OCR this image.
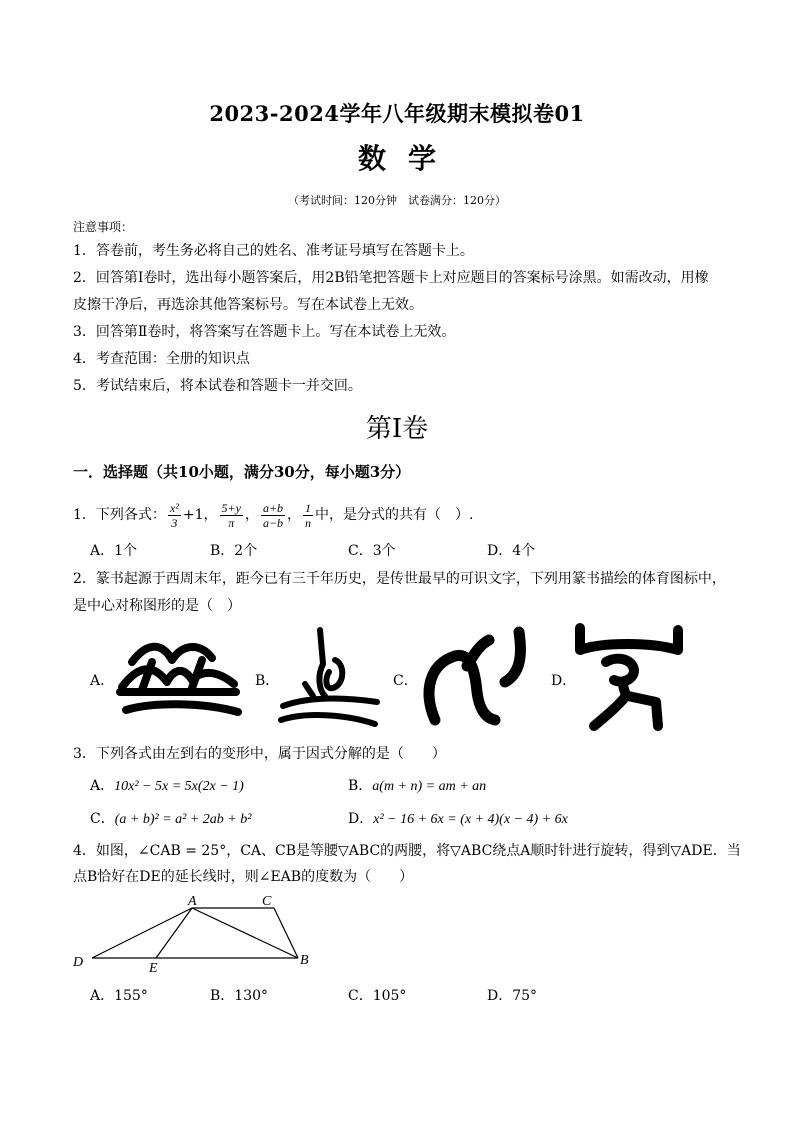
2023-2024学年八年级期末模拟卷01
数学
（考试时间：120分钟　试卷满分：120分）
注意事项：
1．答卷前，考生务必将自己的姓名、准考证号填写在答题卡上。
2．回答第Ⅰ卷时，选出每小题答案后，用2B铅笔把答题卡上对应题目的答案标号涂黑。如需改动，用橡
皮擦干净后，再选涂其他答案标号。写在本试卷上无效。
3．回答第Ⅱ卷时，将答案写在答题卡上。写在本试卷上无效。
4．考查范围：全册的知识点
5．考试结束后，将本试卷和答题卡一并交回。
第Ⅰ卷
一．选择题（共10小题，满分30分，每小题3分）
1．下列各式： $\frac{\text{x²}}{3} +1$， $\frac{5+y}{\pi}$ ， $\frac{a+b}{a-b}$ ， $\frac{1}{n}$ 中，是分式的共有（　）.
A．1个	B．2个	C．3个	D．4个
2．篆书起源于西周末年，距今已有三千年历史，是传世最早的可识文字，下列用篆书描绘的体育图标中，
是中心对称图形的是（　）
A．	B．	C．	D．
3．下列各式由左到右的变形中，属于因式分解的是（　　）
A．10x² − 5x = 5x(2x − 1)	B．a(m + n) = am + an
C．(a + b)² = a² + 2ab + b²	D．x² − 16 + 6x = (x + 4)(x − 4) + 6x
4．如图，∠CAB = 25°，CA、CB是等腰▽ABC的两腰，将▽ABC绕点A顺时针进行旋转，得到▽ADE．当
点B恰好在DE的延长线时，则∠EAB的度数为（　　）
A	C
D	E
B
A．155°	B．130°	C．105°	D．75°
